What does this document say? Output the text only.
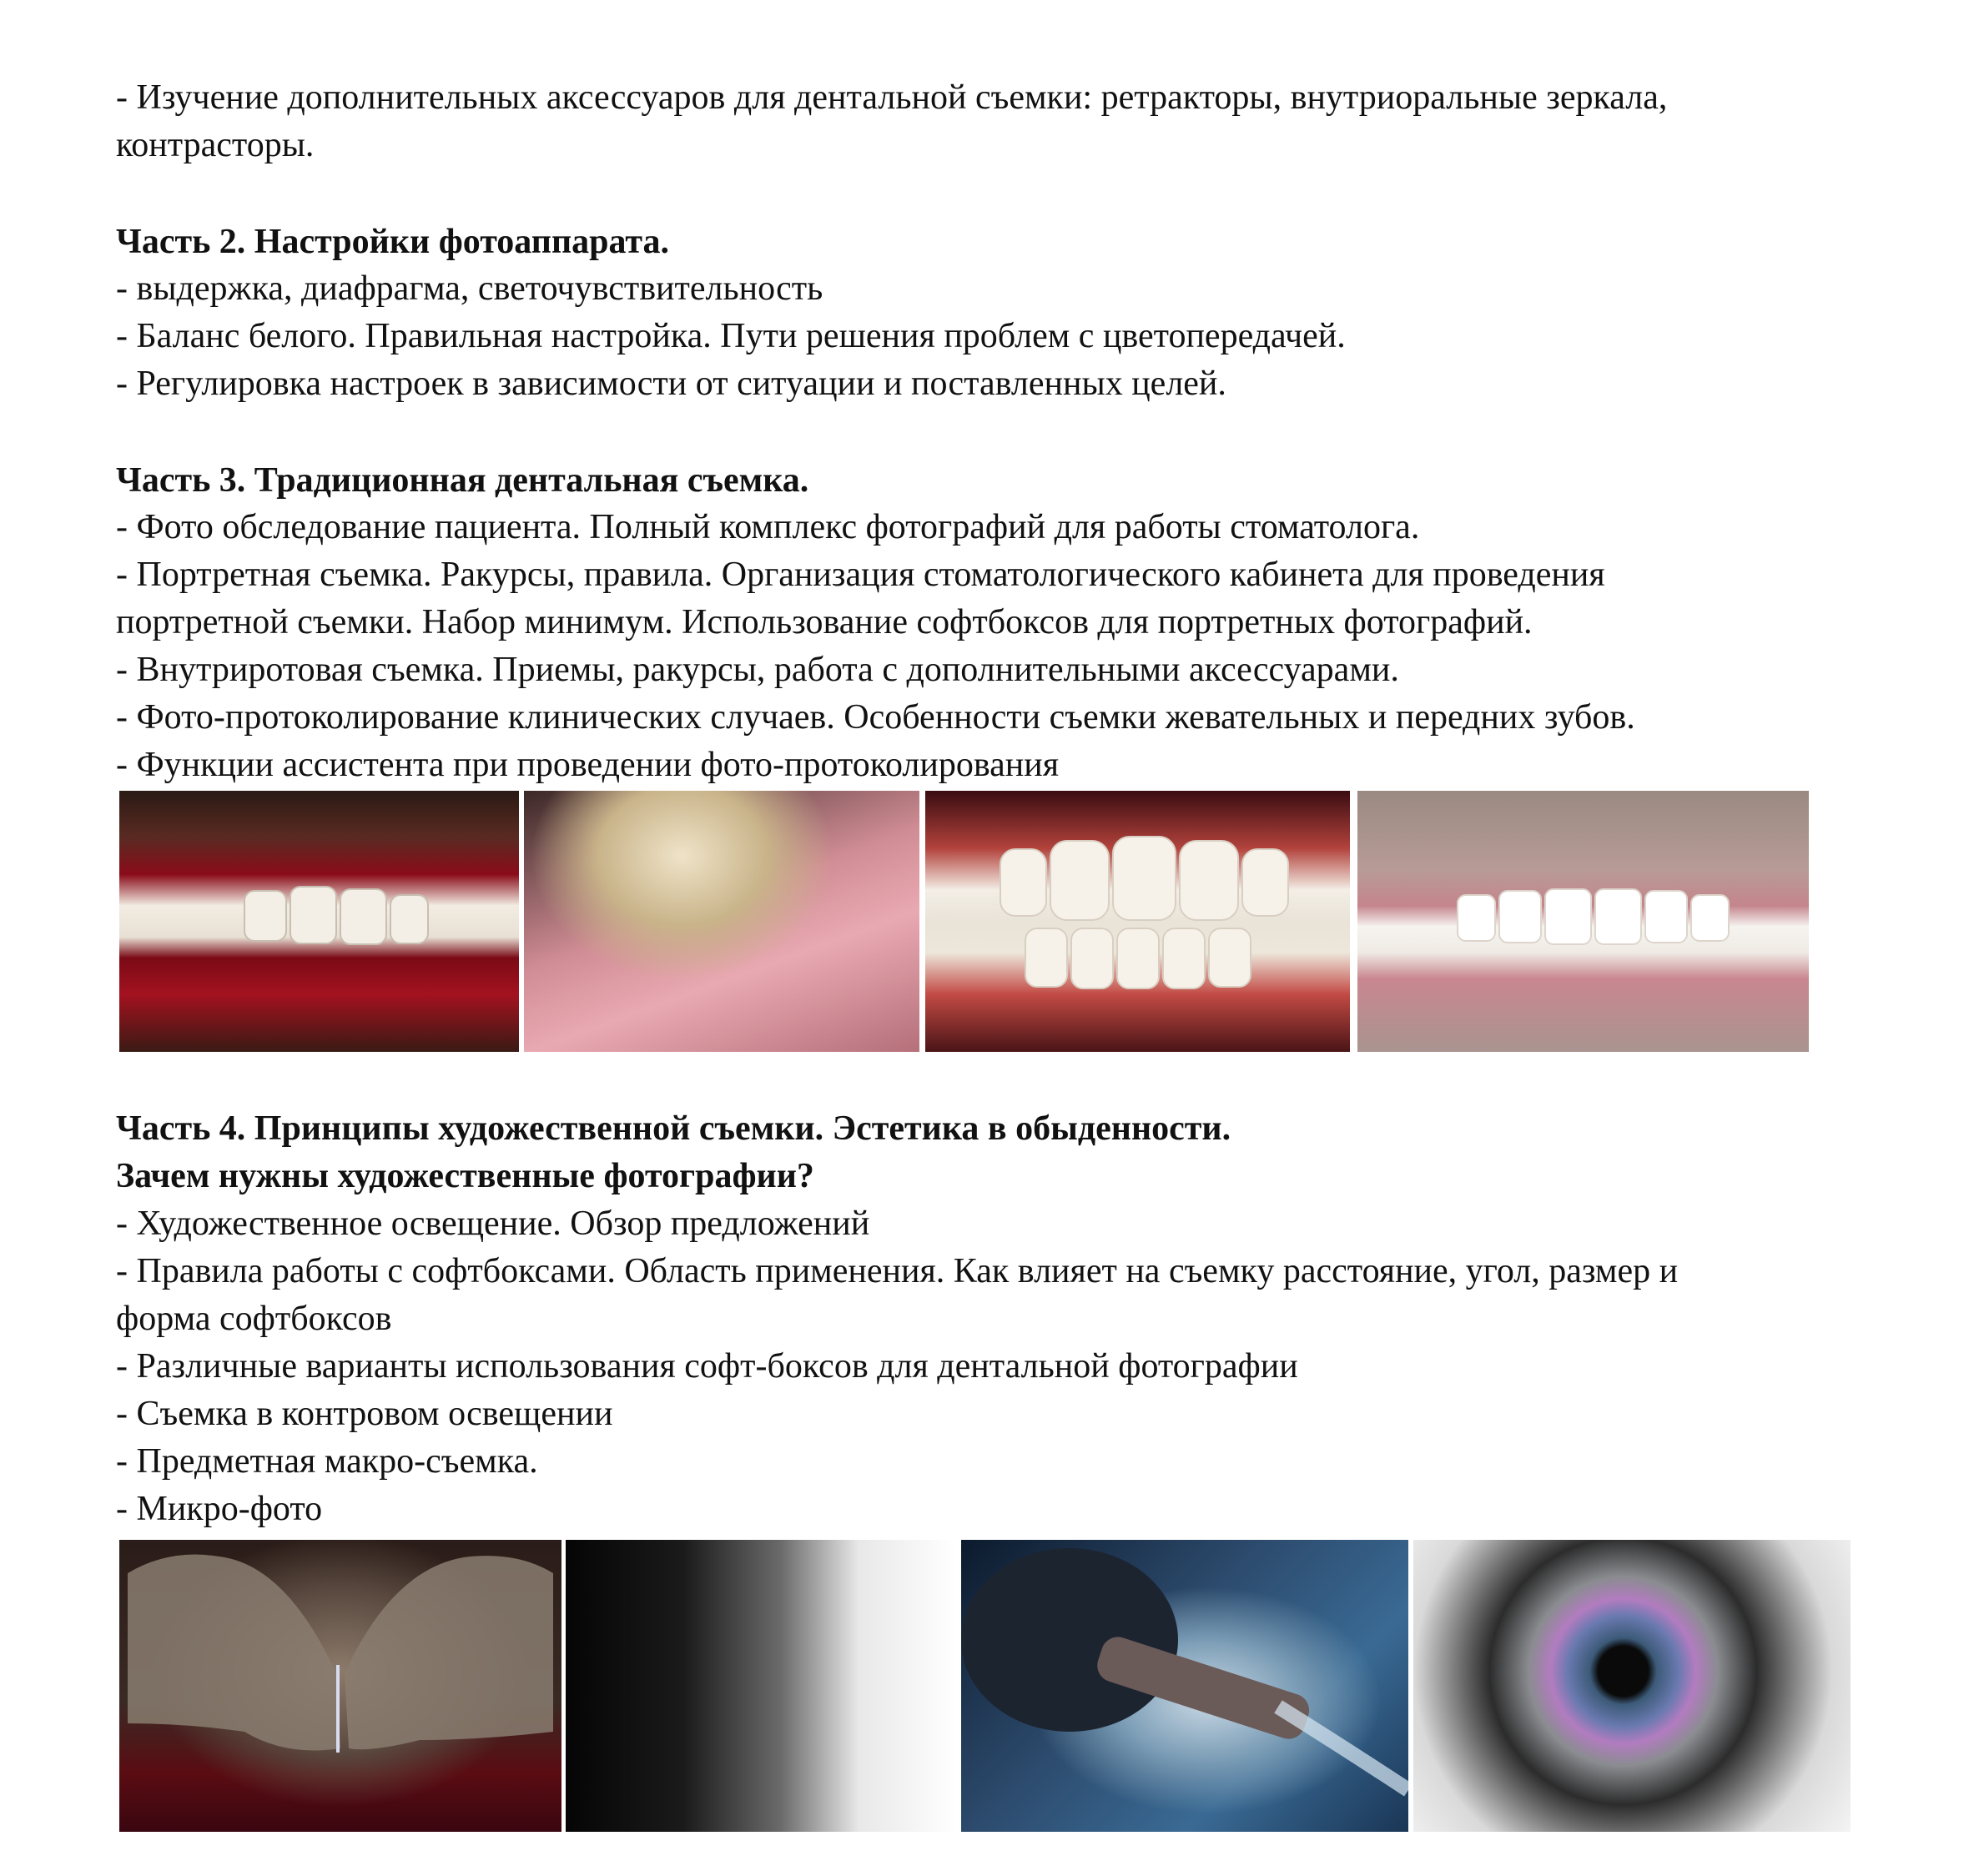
- Изучение дополнительных аксессуаров для дентальной съемки: ретракторы, внутриоральные зеркала,
контрасторы.
Часть 2. Настройки фотоаппарата.
- выдержка, диафрагма, светочувствительность
- Баланс белого. Правильная настройка. Пути решения проблем с цветопередачей.
- Регулировка настроек в зависимости от ситуации и поставленных целей.
Часть 3. Традиционная дентальная съемка.
- Фото обследование пациента. Полный комплекс фотографий для работы стоматолога.
- Портретная съемка. Ракурсы, правила. Организация стоматологического кабинета для проведения
портретной съемки. Набор минимум. Использование софтбоксов для портретных фотографий.
- Внутриротовая съемка. Приемы, ракурсы, работа с дополнительными аксессуарами.
- Фото-протоколирование клинических случаев. Особенности съемки жевательных и передних зубов.
- Функции ассистента при проведении фото-протоколирования
Часть 4. Принципы художественной съемки. Эстетика в обыденности.
Зачем нужны художественные фотографии?
- Художественное освещение. Обзор предложений
- Правила работы с софтбоксами. Область применения. Как влияет на съемку расстояние, угол, размер и
форма софтбоксов
- Различные варианты использования софт-боксов для дентальной фотографии
- Съемка в контровом освещении
- Предметная макро-съемка.
- Микро-фото
